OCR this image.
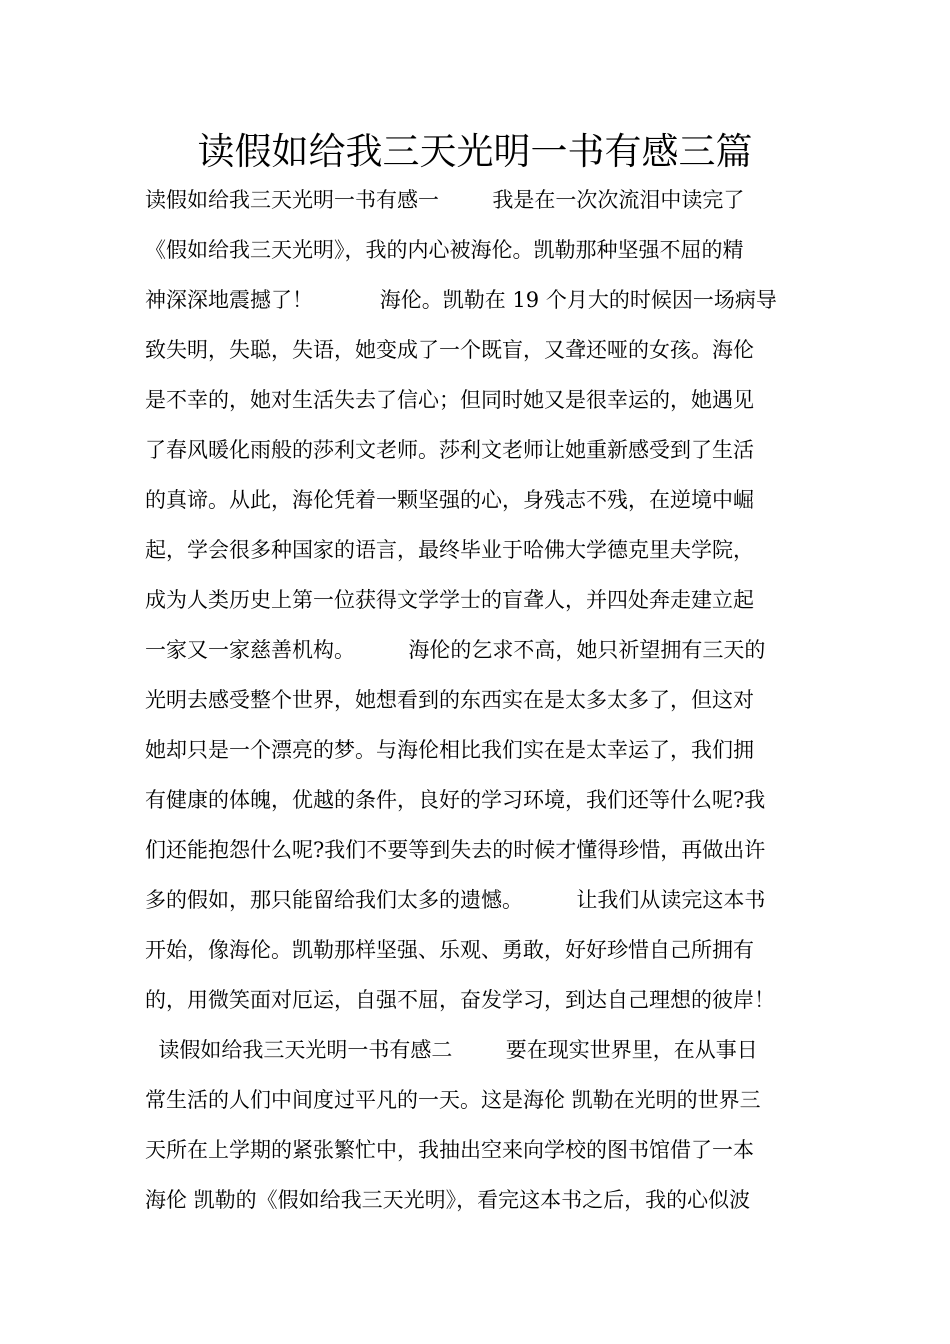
读假如给我三天光明一书有感三篇
读假如给我三天光明一书有感一        我是在一次次流泪中读完了
《假如给我三天光明》，我的内心被海伦。凯勒那种坚强不屈的精
神深深地震撼了！          海伦。凯勒在 19 个月大的时候因一场病导
致失明，失聪，失语，她变成了一个既盲，又聋还哑的女孩。海伦
是不幸的，她对生活失去了信心；但同时她又是很幸运的，她遇见
了春风暖化雨般的莎利文老师。莎利文老师让她重新感受到了生活
的真谛。从此，海伦凭着一颗坚强的心，身残志不残，在逆境中崛
起，学会很多种国家的语言，最终毕业于哈佛大学德克里夫学院，
成为人类历史上第一位获得文学学士的盲聋人，并四处奔走建立起
一家又一家慈善机构。        海伦的乞求不高，她只祈望拥有三天的
光明去感受整个世界，她想看到的东西实在是太多太多了，但这对
她却只是一个漂亮的梦。与海伦相比我们实在是太幸运了，我们拥
有健康的体魄，优越的条件，良好的学习环境，我们还等什么呢?我
们还能抱怨什么呢?我们不要等到失去的时候才懂得珍惜，再做出许
多的假如，那只能留给我们太多的遗憾。        让我们从读完这本书
开始，像海伦。凯勒那样坚强、乐观、勇敢，好好珍惜自己所拥有
的，用微笑面对厄运，自强不屈，奋发学习，到达自己理想的彼岸！
读假如给我三天光明一书有感二        要在现实世界里，在从事日
常生活的人们中间度过平凡的一天。这是海伦 凯勒在光明的世界三
天所在上学期的紧张繁忙中，我抽出空来向学校的图书馆借了一本
海伦 凯勒的《假如给我三天光明》，看完这本书之后，我的心似波
